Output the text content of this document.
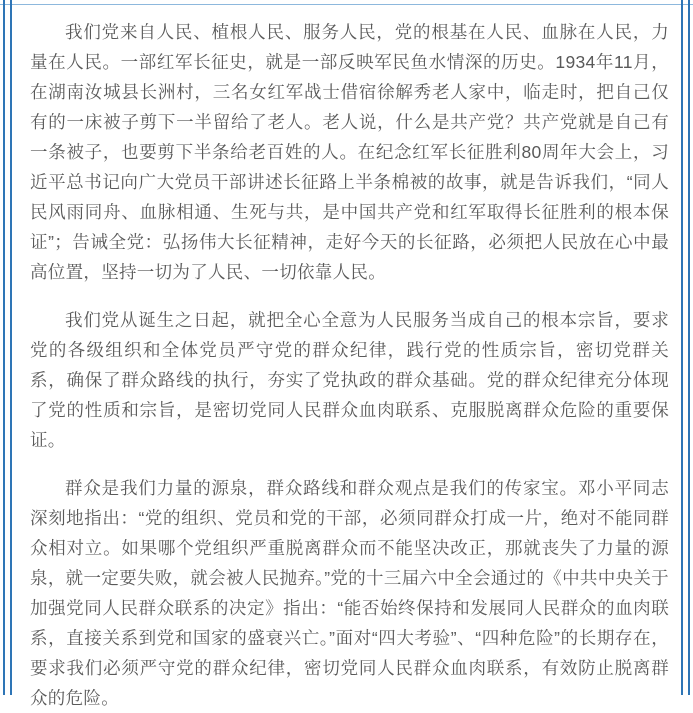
我们党来自人民、植根人民、服务人民，党的根基在人民、血脉在人民，力量在人民。一部红军长征史，就是一部反映军民鱼水情深的历史。1934年11月，在湖南汝城县长洲村，三名女红军战士借宿徐解秀老人家中，临走时，把自己仅有的一床被子剪下一半留给了老人。老人说，什么是共产党？共产党就是自己有一条被子，也要剪下半条给老百姓的人。在纪念红军长征胜利80周年大会上，习近平总书记向广大党员干部讲述长征路上半条棉被的故事，就是告诉我们，“同人民风雨同舟、血脉相通、生死与共，是中国共产党和红军取得长征胜利的根本保证”；告诫全党：弘扬伟大长征精神，走好今天的长征路，必须把人民放在心中最高位置，坚持一切为了人民、一切依靠人民。

我们党从诞生之日起，就把全心全意为人民服务当成自己的根本宗旨，要求党的各级组织和全体党员严守党的群众纪律，践行党的性质宗旨，密切党群关系，确保了群众路线的执行，夯实了党执政的群众基础。党的群众纪律充分体现了党的性质和宗旨，是密切党同人民群众血肉联系、克服脱离群众危险的重要保证。

群众是我们力量的源泉，群众路线和群众观点是我们的传家宝。邓小平同志深刻地指出：“党的组织、党员和党的干部，必须同群众打成一片，绝对不能同群众相对立。如果哪个党组织严重脱离群众而不能坚决改正，那就丧失了力量的源泉，就一定要失败，就会被人民抛弃。”党的十三届六中全会通过的《中共中央关于加强党同人民群众联系的决定》指出：“能否始终保持和发展同人民群众的血肉联系，直接关系到党和国家的盛衰兴亡。”面对“四大考验”、“四种危险”的长期存在，要求我们必须严守党的群众纪律，密切党同人民群众血肉联系，有效防止脱离群众的危险。
